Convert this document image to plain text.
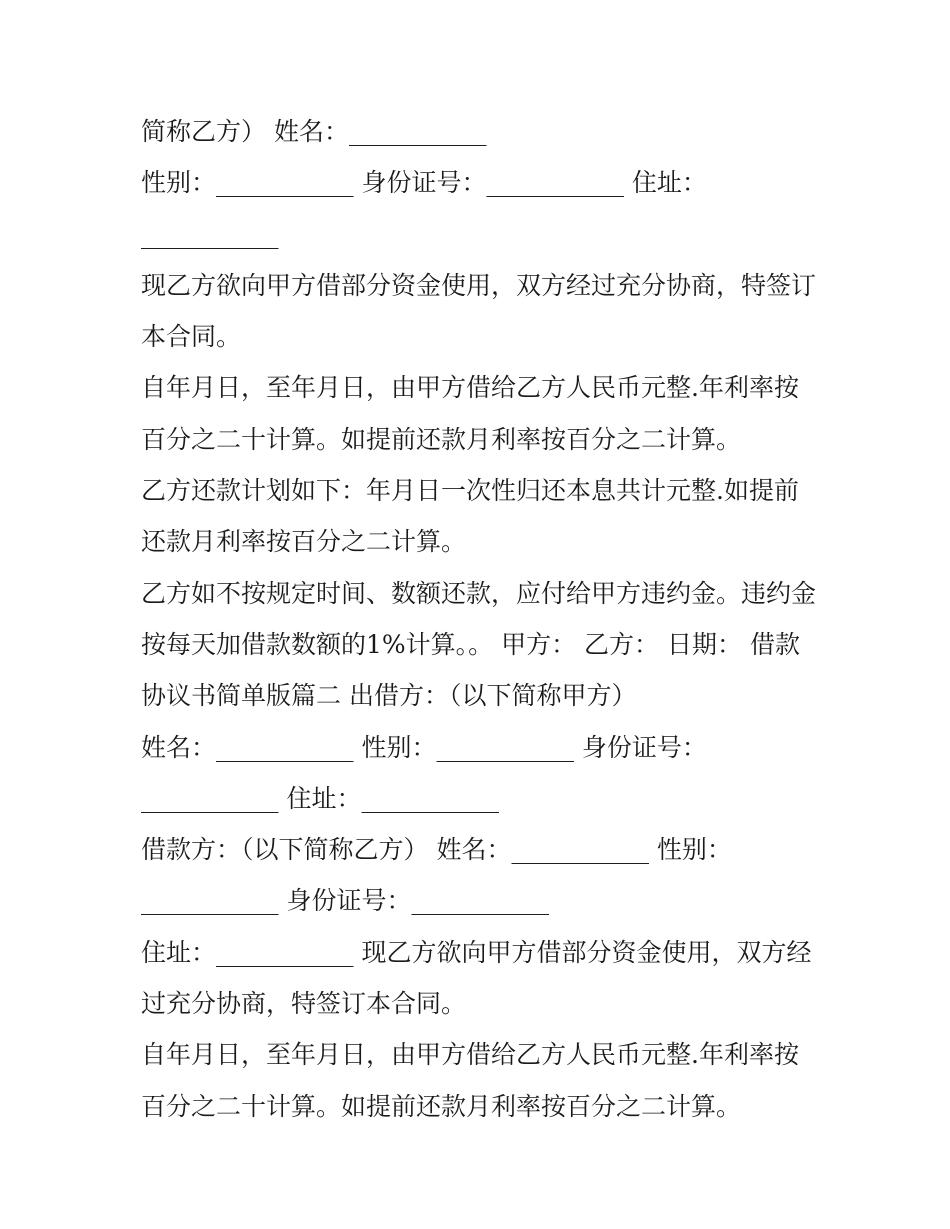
简称乙方） 姓名：___________
性别：___________ 身份证号：___________ 住址：
___________
现乙方欲向甲方借部分资金使用，双方经过充分协商，特签订
本合同。
自年月日，至年月日，由甲方借给乙方人民币元整.年利率按
百分之二十计算。如提前还款月利率按百分之二计算。
乙方还款计划如下：年月日一次性归还本息共计元整.如提前
还款月利率按百分之二计算。
乙方如不按规定时间、数额还款，应付给甲方违约金。违约金
按每天加借款数额的1%计算。。 甲方： 乙方： 日期： 借款
协议书简单版篇二 出借方：（以下简称甲方）
姓名：___________ 性别：___________ 身份证号：
___________ 住址：___________
借款方：（以下简称乙方） 姓名：___________ 性别：
___________ 身份证号：___________
住址：___________ 现乙方欲向甲方借部分资金使用，双方经
过充分协商，特签订本合同。
自年月日，至年月日，由甲方借给乙方人民币元整.年利率按
百分之二十计算。如提前还款月利率按百分之二计算。
